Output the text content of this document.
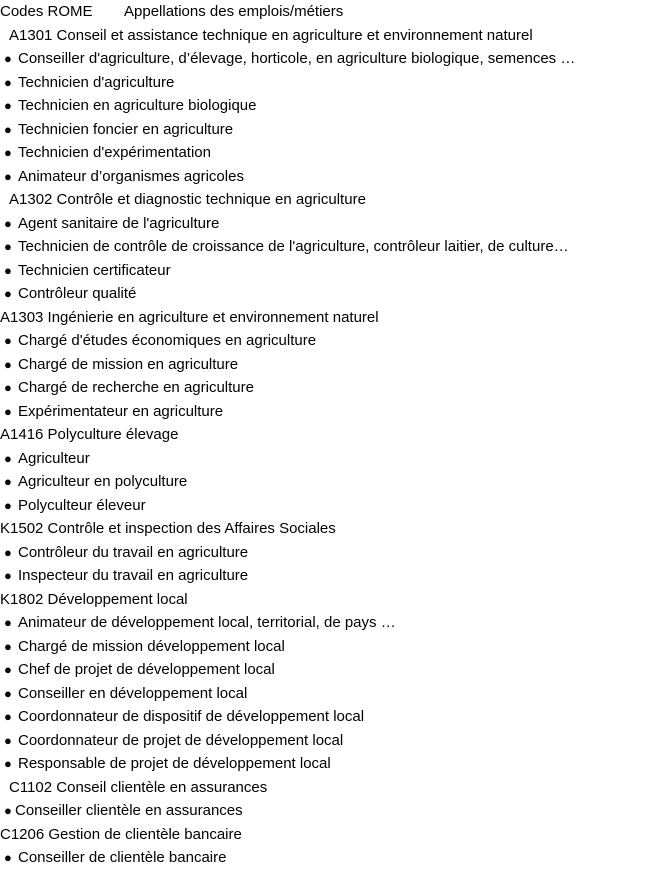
Codes ROME Appellations des emplois/métiers
A1301 Conseil et assistance technique en agriculture et environnement naturel
● Conseiller d'agriculture, d’élevage, horticole, en agriculture biologique, semences …
● Technicien d'agriculture
● Technicien en agriculture biologique
● Technicien foncier en agriculture
● Technicien d'expérimentation
● Animateur d’organismes agricoles
A1302 Contrôle et diagnostic technique en agriculture
● Agent sanitaire de l'agriculture
● Technicien de contrôle de croissance de l'agriculture, contrôleur laitier, de culture…
● Technicien certificateur
● Contrôleur qualité
A1303 Ingénierie en agriculture et environnement naturel
● Chargé d'études économiques en agriculture
● Chargé de mission en agriculture
● Chargé de recherche en agriculture
● Expérimentateur en agriculture
A1416 Polyculture élevage
● Agriculteur
● Agriculteur en polyculture
● Polyculteur éleveur
K1502 Contrôle et inspection des Affaires Sociales
● Contrôleur du travail en agriculture
● Inspecteur du travail en agriculture
K1802 Développement local
● Animateur de développement local, territorial, de pays …
● Chargé de mission développement local
● Chef de projet de développement local
● Conseiller en développement local
● Coordonnateur de dispositif de développement local
● Coordonnateur de projet de développement local
● Responsable de projet de développement local
C1102 Conseil clientèle en assurances
● Conseiller clientèle en assurances
C1206 Gestion de clientèle bancaire
● Conseiller de clientèle bancaire
